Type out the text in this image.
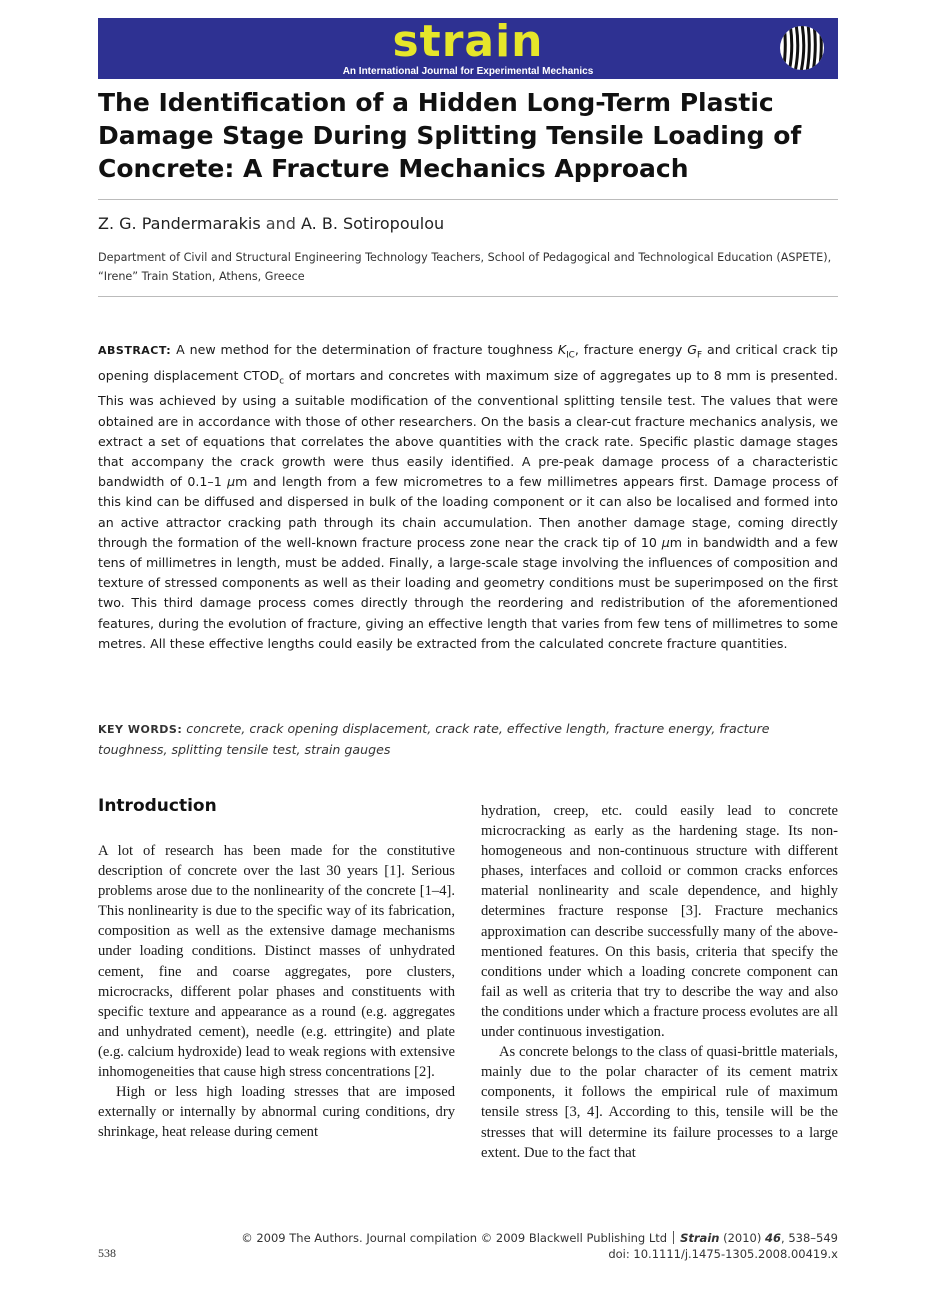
strain
An International Journal for Experimental Mechanics
The Identification of a Hidden Long-Term Plastic Damage Stage During Splitting Tensile Loading of Concrete: A Fracture Mechanics Approach
Z. G. Pandermarakis and A. B. Sotiropoulou
Department of Civil and Structural Engineering Technology Teachers, School of Pedagogical and Technological Education (ASPETE), “Irene” Train Station, Athens, Greece
ABSTRACT: A new method for the determination of fracture toughness $K_{IC}$, fracture energy $G_F$ and critical crack tip opening displacement $CTOD_c$ of mortars and concretes with maximum size of aggregates up to 8 mm is presented. This was achieved by using a suitable modification of the conventional splitting tensile test. The values that were obtained are in accordance with those of other researchers. On the basis a clear-cut fracture mechanics analysis, we extract a set of equations that correlates the above quantities with the crack rate. Specific plastic damage stages that accompany the crack growth were thus easily identified. A pre-peak damage process of a characteristic bandwidth of 0.1–1 μm and length from a few micrometres to a few millimetres appears first. Damage process of this kind can be diffused and dispersed in bulk of the loading component or it can also be localised and formed into an active attractor cracking path through its chain accumulation. Then another damage stage, coming directly through the formation of the well-known fracture process zone near the crack tip of 10 μm in bandwidth and a few tens of millimetres in length, must be added. Finally, a large-scale stage involving the influences of composition and texture of stressed components as well as their loading and geometry conditions must be superimposed on the first two. This third damage process comes directly through the reordering and redistribution of the aforementioned features, during the evolution of fracture, giving an effective length that varies from few tens of millimetres to some metres. All these effective lengths could easily be extracted from the calculated concrete fracture quantities.
KEY WORDS: concrete, crack opening displacement, crack rate, effective length, fracture energy, fracture toughness, splitting tensile test, strain gauges
Introduction

A lot of research has been made for the constitutive description of concrete over the last 30 years [1]. Serious problems arose due to the nonlinearity of the concrete [1–4]. This nonlinearity is due to the specific way of its fabrication, composition as well as the extensive damage mechanisms under loading conditions. Distinct masses of unhydrated cement, fine and coarse aggregates, pore clusters, microcracks, different polar phases and constituents with specific texture and appearance as a round (e.g. aggregates and unhydrated cement), needle (e.g. ettringite) and plate (e.g. calcium hydroxide) lead to weak regions with extensive inhomogeneities that cause high stress concentrations [2].

High or less high loading stresses that are imposed externally or internally by abnormal curing conditions, dry shrinkage, heat release during cement

hydration, creep, etc. could easily lead to concrete microcracking as early as the hardening stage. Its non-homogeneous and non-continuous structure with different phases, interfaces and colloid or common cracks enforces material nonlinearity and scale dependence, and highly determines fracture response [3]. Fracture mechanics approximation can describe successfully many of the above-mentioned features. On this basis, criteria that specify the conditions under which a loading concrete component can fail as well as criteria that try to describe the way and also the conditions under which a fracture process evolutes are all under continuous investigation.

As concrete belongs to the class of quasi-brittle materials, mainly due to the polar character of its cement matrix components, it follows the empirical rule of maximum tensile stress [3, 4]. According to this, tensile will be the stresses that will determine its failure processes to a large extent. Due to the fact that

© 2009 The Authors. Journal compilation © 2009 Blackwell Publishing Ltd Strain (2010) 46, 538–549
doi: 10.1111/j.1475-1305.2008.00419.x
538
